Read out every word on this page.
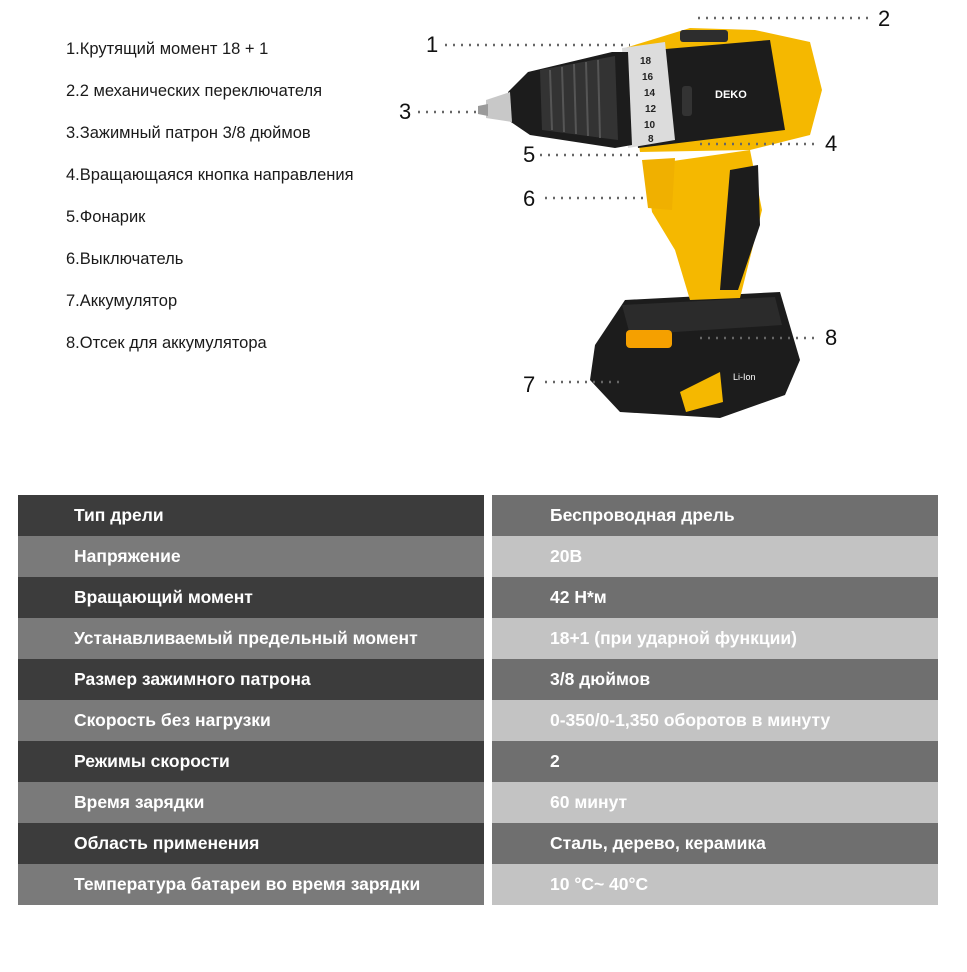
1.Крутящий момент 18 + 1
2.2 механических переключателя
3.Зажимный патрон 3/8 дюймов
4.Вращающаяся кнопка направления
5.Фонарик
6.Выключатель
7.Аккумулятор
8.Отсек для аккумулятора
20V
Li-Ion
DEKO
18
16
14
12
10
8
1
2
3
4
5
6
7
8
Тип дрели	Беспроводная дрель
Напряжение	20В
Вращающий момент	42 Н*м
Устанавливаемый предельный момент	18+1 (при ударной функции)
Размер зажимного патрона	3/8 дюймов
Скорость без нагрузки	0-350/0-1,350 оборотов в минуту
Режимы скорости	2
Время зарядки	60 минут
Область применения	Сталь, дерево, керамика
Температура батареи во время зарядки	10 °C~ 40°C
